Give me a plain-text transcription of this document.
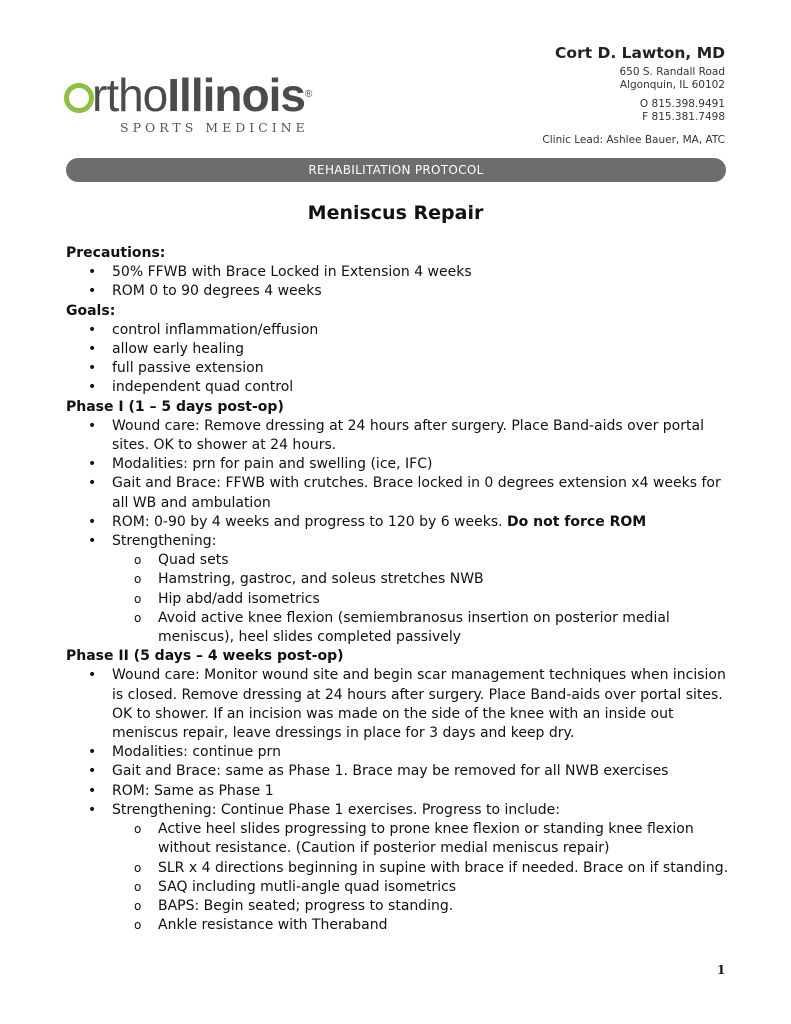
rthoIllinois®
SPORTS MEDICINE
Cort D. Lawton, MD
650 S. Randall Road
Algonquin, IL 60102
O 815.398.9491
F 815.381.7498
Clinic Lead: Ashlee Bauer, MA, ATC
REHABILITATION PROTOCOL
Meniscus Repair

Precautions:

• 50% FFWB with Brace Locked in Extension 4 weeks
• ROM 0 to 90 degrees 4 weeks

Goals:

• control inflammation/effusion
• allow early healing
• full passive extension
• independent quad control

Phase I (1 – 5 days post-op)

• Wound care: Remove dressing at 24 hours after surgery. Place Band-aids over portal sites. OK to shower at 24 hours.
• Modalities: prn for pain and swelling (ice, IFC)
• Gait and Brace: FFWB with crutches. Brace locked in 0 degrees extension x4 weeks for all WB and ambulation
• ROM: 0-90 by 4 weeks and progress to 120 by 6 weeks. Do not force ROM
• Strengthening:
o Quad sets
o Hamstring, gastroc, and soleus stretches NWB
o Hip abd/add isometrics
o Avoid active knee flexion (semiembranosus insertion on posterior medial meniscus), heel slides completed passively

Phase II (5 days – 4 weeks post-op)

• Wound care: Monitor wound site and begin scar management techniques when incision is closed. Remove dressing at 24 hours after surgery. Place Band-aids over portal sites. OK to shower. If an incision was made on the side of the knee with an inside out meniscus repair, leave dressings in place for 3 days and keep dry.
• Modalities: continue prn
• Gait and Brace: same as Phase 1. Brace may be removed for all NWB exercises
• ROM: Same as Phase 1
• Strengthening: Continue Phase 1 exercises. Progress to include:
o Active heel slides progressing to prone knee flexion or standing knee flexion without resistance. (Caution if posterior medial meniscus repair)
o SLR x 4 directions beginning in supine with brace if needed. Brace on if standing.
o SAQ including mutli-angle quad isometrics
o BAPS: Begin seated; progress to standing.
o Ankle resistance with Theraband
1
